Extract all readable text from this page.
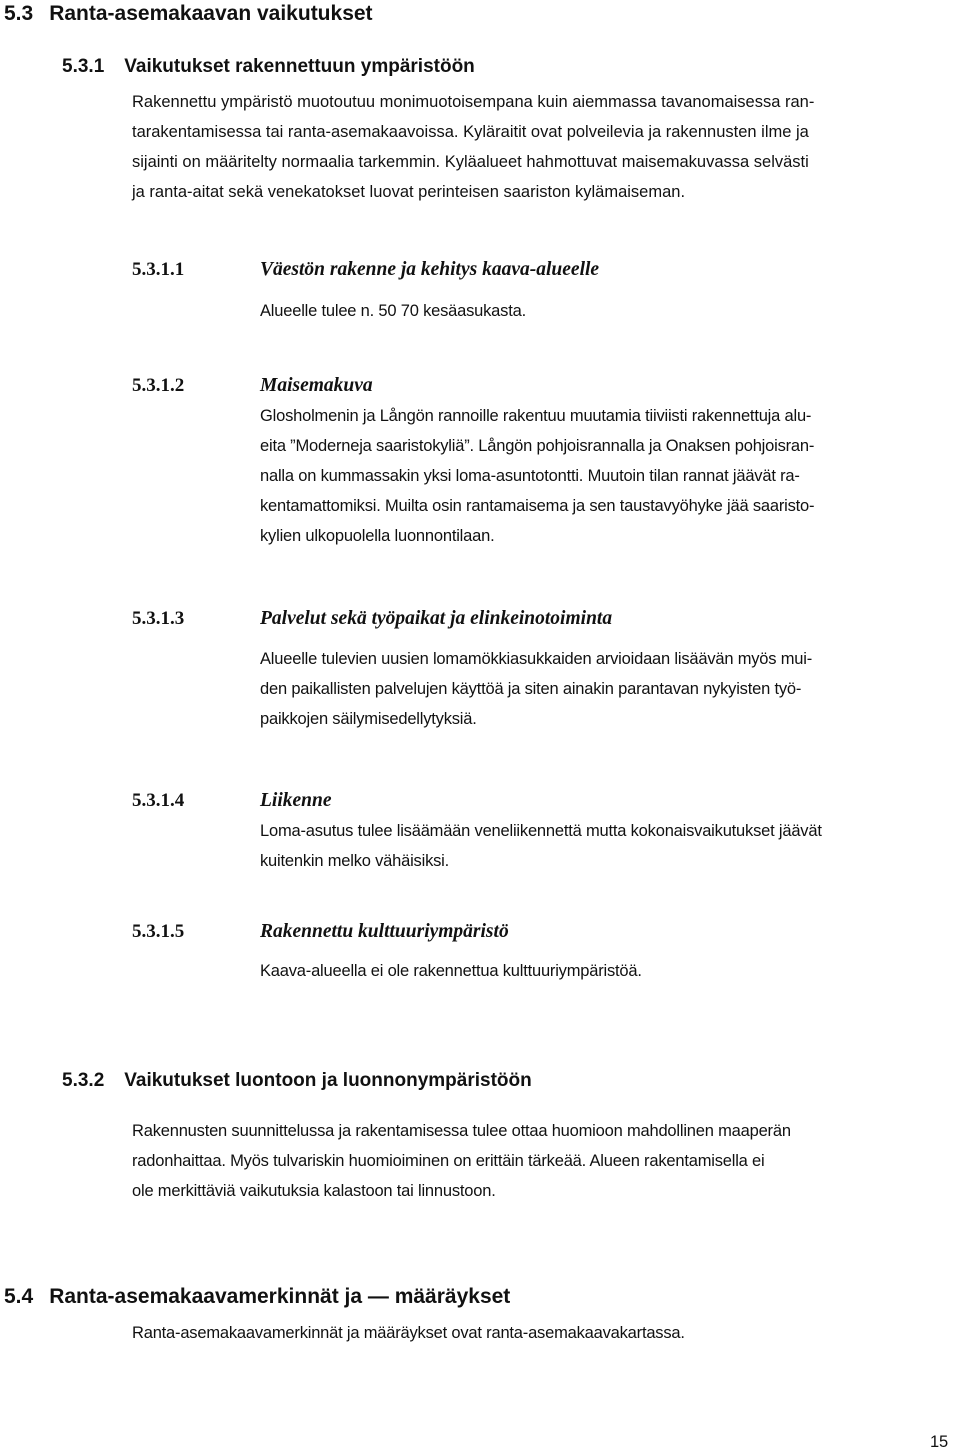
5.3 Ranta-asemakaavan vaikutukset
5.3.1 Vaikutukset rakennettuun ympäristöön
Rakennettu ympäristö muotoutuu monimuotoisempana kuin aiemmassa tavanomaisessa ran-
tarakentamisessa tai ranta-asemakaavoissa. Kyläraitit ovat polveilevia ja rakennusten ilme ja
sijainti on määritelty normaalia tarkemmin. Kyläalueet hahmottuvat maisemakuvassa selvästi
ja ranta-aitat sekä venekatokset luovat perinteisen saariston kylämaiseman.
5.3.1.1	Väestön rakenne ja kehitys kaava-alueelle
Alueelle tulee n. 50 70 kesäasukasta.
5.3.1.2	Maisemakuva
Glosholmenin ja Långön rannoille rakentuu muutamia tiiviisti rakennettuja alu-
eita ”Moderneja saaristokyliä”. Långön pohjoisrannalla ja Onaksen pohjoisran-
nalla on kummassakin yksi loma-asuntotontti. Muutoin tilan rannat jäävät ra-
kentamattomiksi. Muilta osin rantamaisema ja sen taustavyöhyke jää saaristo-
kylien ulkopuolella luonnontilaan.
5.3.1.3	Palvelut sekä työpaikat ja elinkeinotoiminta
Alueelle tulevien uusien lomamökkiasukkaiden arvioidaan lisäävän myös mui-
den paikallisten palvelujen käyttöä ja siten ainakin parantavan nykyisten työ-
paikkojen säilymisedellytyksiä.
5.3.1.4	Liikenne
Loma-asutus tulee lisäämään veneliikennettä mutta kokonaisvaikutukset jäävät
kuitenkin melko vähäisiksi.
5.3.1.5	Rakennettu kulttuuriympäristö
Kaava-alueella ei ole rakennettua kulttuuriympäristöä.
5.3.2 Vaikutukset luontoon ja luonnonympäristöön
Rakennusten suunnittelussa ja rakentamisessa tulee ottaa huomioon mahdollinen maaperän
radonhaittaa. Myös tulvariskin huomioiminen on erittäin tärkeää. Alueen rakentamisella ei
ole merkittäviä vaikutuksia kalastoon tai linnustoon.
5.4 Ranta-asemakaavamerkinnät ja — määräykset
Ranta-asemakaavamerkinnät ja määräykset ovat ranta-asemakaavakartassa.
15
